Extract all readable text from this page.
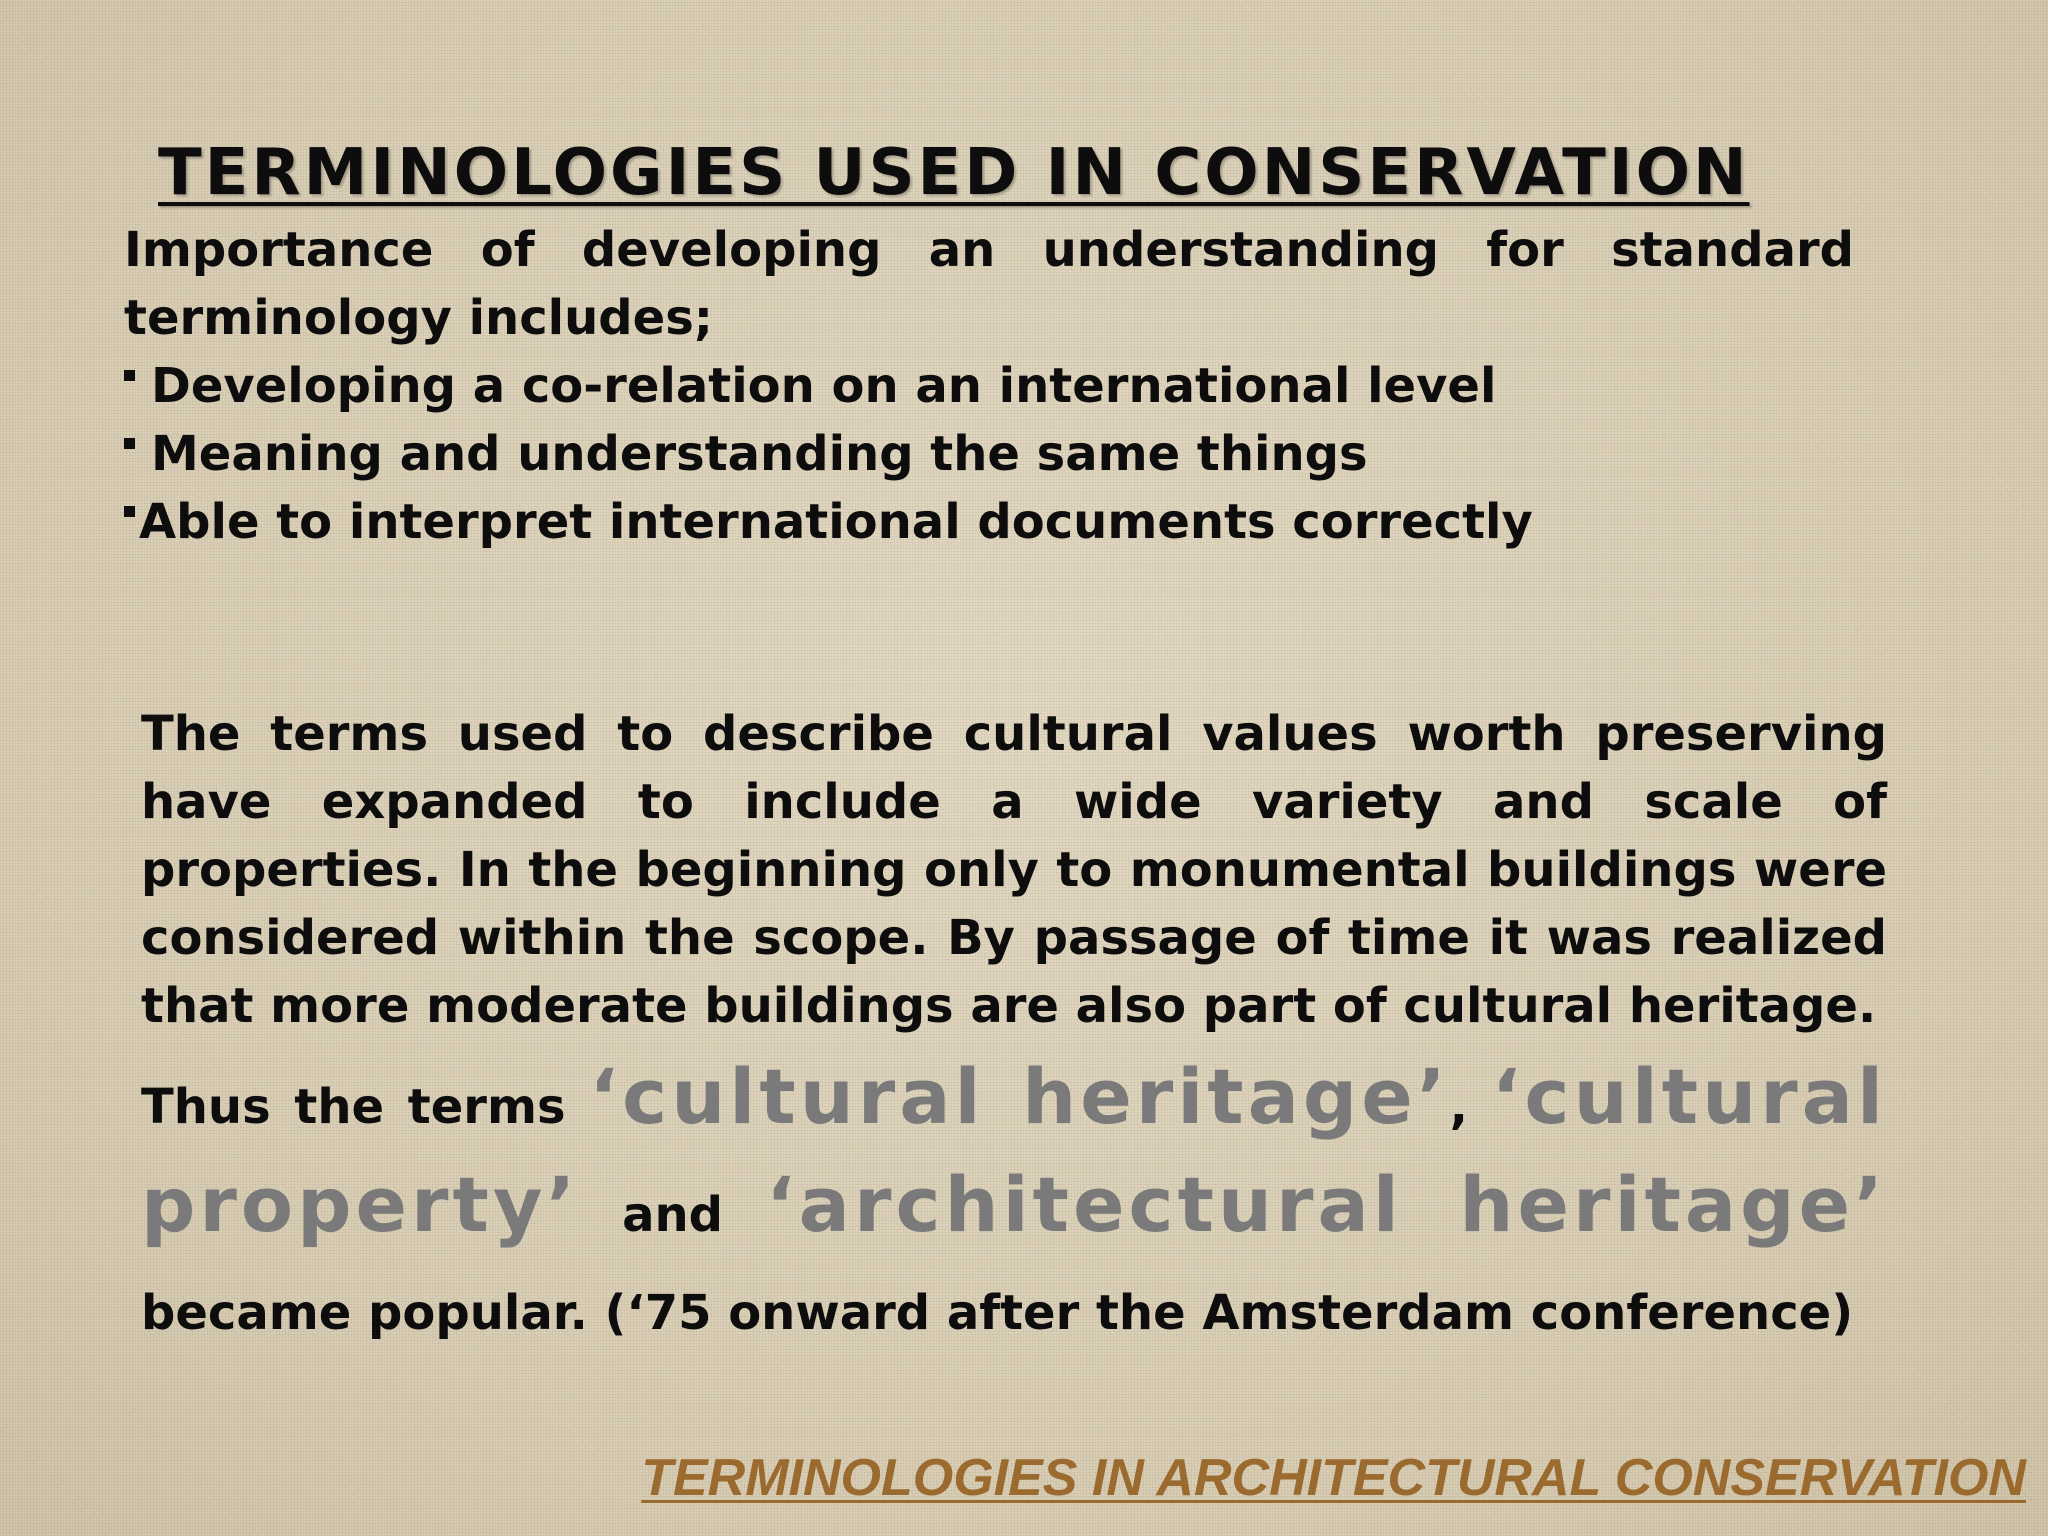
TERMINOLOGIES USED IN CONSERVATION

Importance of developing an understanding for standard terminology includes;

Developing a co-relation on an international level
Meaning and understanding the same things
Able to interpret international documents correctly

The terms used to describe cultural values worth preserving have expanded to include a wide variety and scale of properties. In the beginning only to monumental buildings were considered within the scope. By passage of time it was realized that more moderate buildings are also part of cultural heritage.

Thus the terms ‘cultural heritage’, ‘cultural property’ and ‘architectural heritage’ became popular. (‘75 onward after the Amsterdam conference)

TERMINOLOGIES IN ARCHITECTURAL CONSERVATION
